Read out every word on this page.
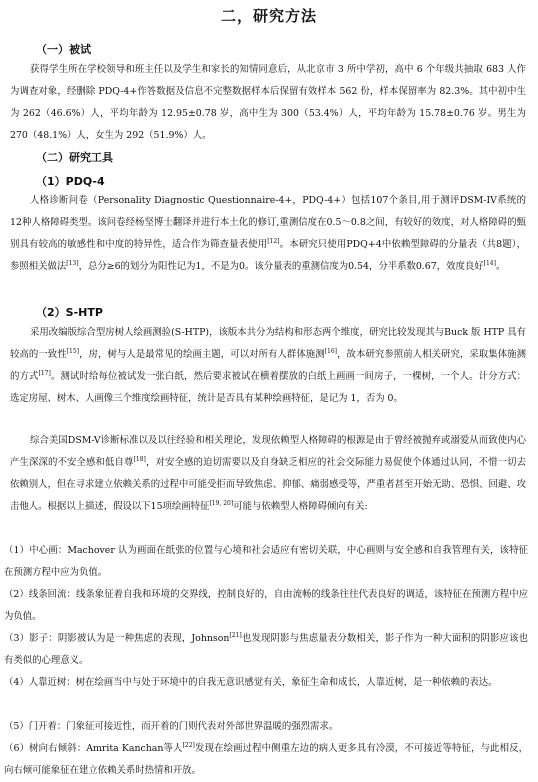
二，研究方法
（一）被试

获得学生所在学校领导和班主任以及学生和家长的知情同意后，从北京市 3 所中学初，高中 6 个年级共抽取 683 人作为调查对象，经删除 PDQ-4+作答数据及信息不完整数据样本后保留有效样本 562 份，样本保留率为 82.3%。其中初中生为 262（46.6%）人，平均年龄为 12.95±0.78 岁，高中生为 300（53.4%）人，平均年龄为 15.78±0.76 岁。男生为 270（48.1%）人，女生为 292（51.9%）人。

（二）研究工具
（1）PDQ-4

人格诊断问卷（Personality Diagnostic Questionnaire-4+，PDQ-4+）包括107个条目,用于测评DSM-IV系统的12种人格障碍类型。该问卷经杨坚博士翻译并进行本土化的修订,重测信度在0.5～0.8之间，有较好的效度，对人格障碍的甄别具有较高的敏感性和中度的特异性，适合作为筛查量表使用[12]。本研究只使用PDQ+4中依赖型障碍的分量表（共8题），参照相关做法[13]，总分≥6的划分为阳性记为1，不是为0。该分量表的重测信度为0.54，分半系数0.67，效度良好[14]。

（2）S-HTP

采用改编版综合型房树人绘画测验(S-HTP)，该版本共分为结构和形态两个维度，研究比较发现其与Buck 版 HTP 具有较高的一致性[15]，房，树与人是最常见的绘画主题，可以对所有人群体施测[16]，故本研究参照前人相关研究，采取集体施测的方式[17]。测试时给每位被试发一张白纸，然后要求被试在横着摆放的白纸上画画一间房子，一棵树，一个人。计分方式：选定房屋、树木、人画像三个维度绘画特征，统计是否具有某种绘画特征，是记为 1，否为 0。

综合美国DSM-V诊断标准以及以往经验和相关理论，发现依赖型人格障碍的根源是由于曾经被抛弃或溺爱从而致使内心产生深深的不安全感和低自尊[18]，对安全感的迫切需要以及自身缺乏相应的社会交际能力易促使个体通过认同，不惜一切去依赖别人，但在寻求建立依赖关系的过程中可能受拒而导致焦虑、抑郁、痛弱感受等，严重者甚至开始无助、恐惧、回避、攻击他人。根据以上描述，假设以下15项绘画特征[19, 20]可能与依赖型人格障碍倾向有关:

（1）中心画：Machover 认为画面在纸张的位置与心境和社会适应有密切关联，中心画则与安全感和自我管理有关，该特征在预测方程中应为负值。

（2）线条回流：线条象征着自我和环境的交界线，控制良好的，自由流畅的线条往往代表良好的调适，该特征在预测方程中应为负值。

（3）影子：阴影被认为是一种焦虑的表现，Johnson[21]也发现阴影与焦虑量表分数相关，影子作为一种大面积的阴影应该也有类似的心理意义。

（4）人靠近树：树在绘画当中与处于环境中的自我无意识感觉有关，象征生命和成长，人靠近树，是一种依赖的表达。

（5）门开着：门象征可接近性，而开着的门则代表对外部世界温暖的强烈需求。

（6）树向右倾斜：Amrita Kanchan等人[22]发现在绘画过程中侧重左边的病人更多具有冷漠，不可接近等特征，与此相反，向右倾可能象征在建立依赖关系时热情和开放。
